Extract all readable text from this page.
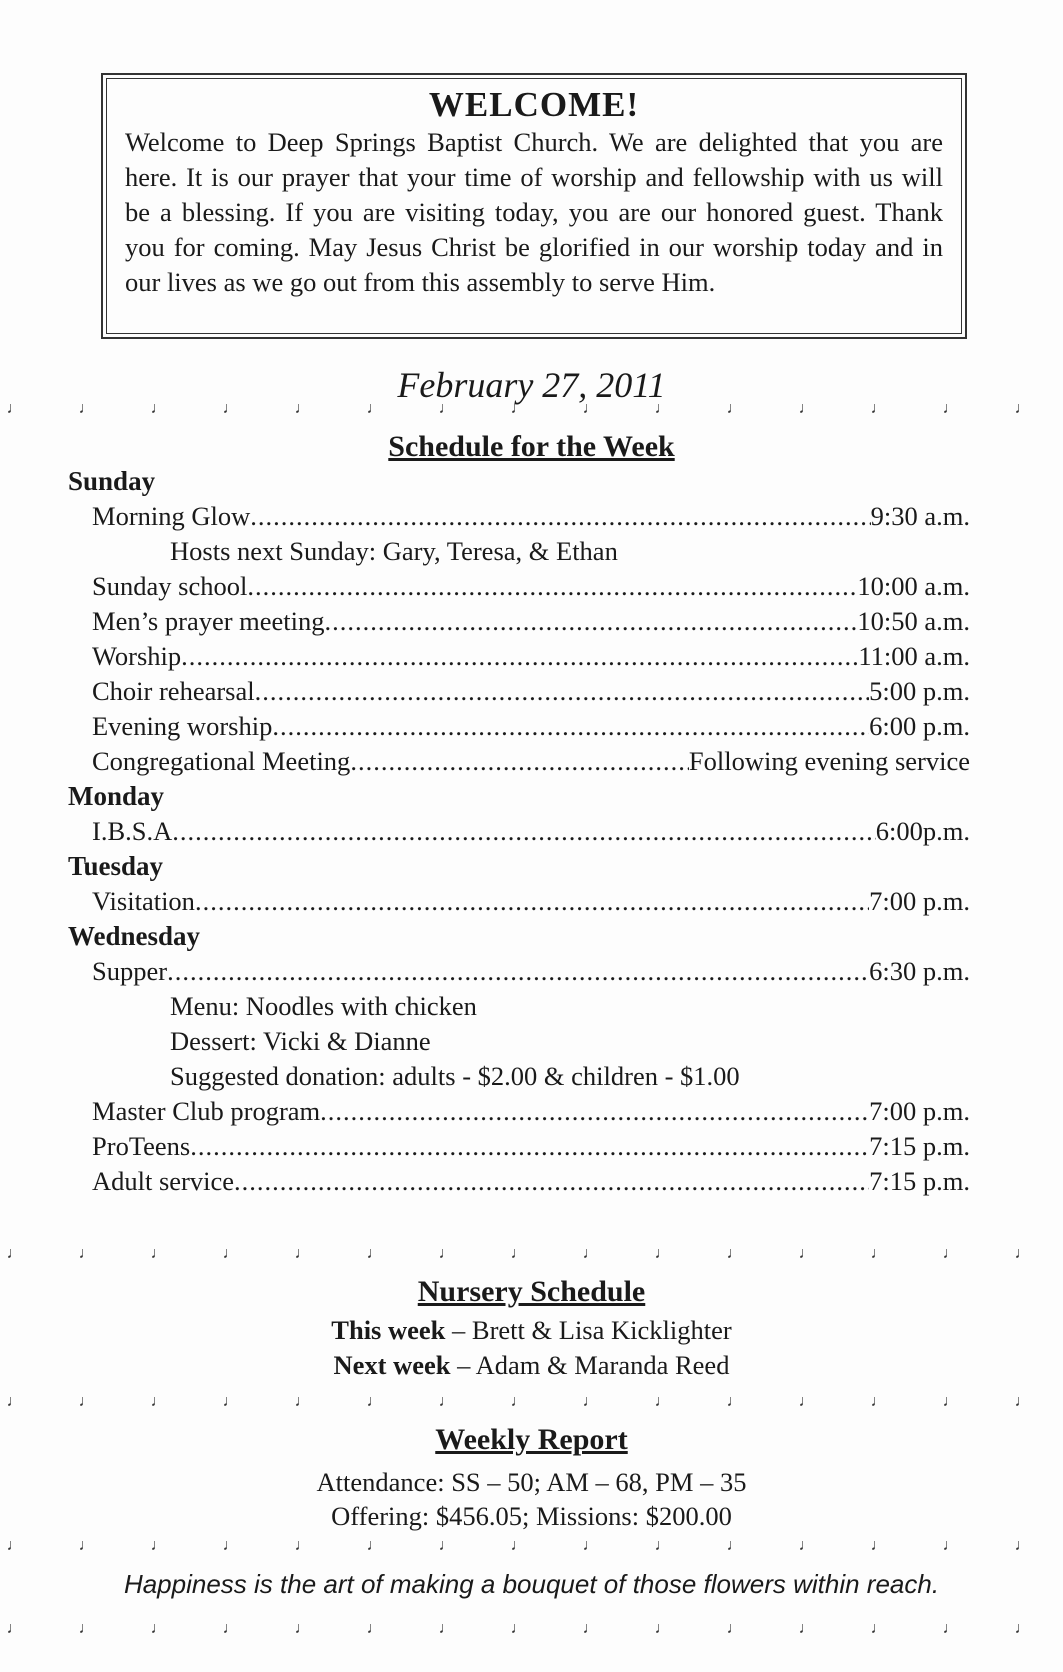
WELCOME!

Welcome to Deep Springs Baptist Church. We are delighted that you are here. It is our prayer that your time of worship and fellowship with us will be a blessing. If you are visiting today, you are our honored guest. Thank you for coming. May Jesus Christ be glorified in our worship today and in our lives as we go out from this assembly to serve Him.

February 27, 2011

♩ ♩ ♩ ♩ ♩ ♩ ♩ ♩ ♩ ♩ ♩ ♩ ♩ ♩ ♩

Schedule for the Week

Sunday
Morning Glow .....	9:30 a.m.
Hosts next Sunday: Gary, Teresa, & Ethan
Sunday school .....	10:00 a.m.
Men’s prayer meeting .....	10:50 a.m.
Worship .....	11:00 a.m.
Choir rehearsal .....	5:00 p.m.
Evening worship .....	6:00 p.m.
Congregational Meeting .....	Following evening service
Monday
I.B.S.A .....	6:00p.m.
Tuesday
Visitation .....	7:00 p.m.
Wednesday
Supper .....	6:30 p.m.
Menu: Noodles with chicken
Dessert: Vicki & Dianne
Suggested donation: adults - $2.00 & children - $1.00
Master Club program .....	7:00 p.m.
ProTeens .....	7:15 p.m.
Adult service .....	7:15 p.m.
♩ ♩ ♩ ♩ ♩ ♩ ♩ ♩ ♩ ♩ ♩ ♩ ♩ ♩ ♩

Nursery Schedule

This week – Brett & Lisa Kicklighter
Next week – Adam & Maranda Reed
♩ ♩ ♩ ♩ ♩ ♩ ♩ ♩ ♩ ♩ ♩ ♩ ♩ ♩ ♩

Weekly Report

Attendance: SS – 50; AM – 68, PM – 35
Offering: $456.05; Missions: $200.00
♩ ♩ ♩ ♩ ♩ ♩ ♩ ♩ ♩ ♩ ♩ ♩ ♩ ♩ ♩
Happiness is the art of making a bouquet of those flowers within reach.
♩ ♩ ♩ ♩ ♩ ♩ ♩ ♩ ♩ ♩ ♩ ♩ ♩ ♩ ♩
